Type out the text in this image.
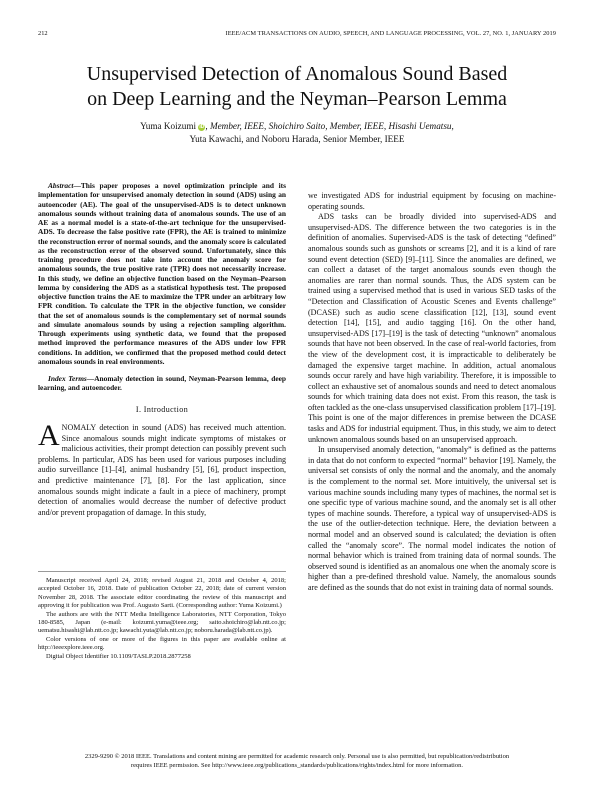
212	IEEE/ACM TRANSACTIONS ON AUDIO, SPEECH, AND LANGUAGE PROCESSING, VOL. 27, NO. 1, JANUARY 2019
Unsupervised Detection of Anomalous Sound Based
on Deep Learning and the Neyman–Pearson Lemma
Yuma Koizumi iD, Member, IEEE, Shoichiro Saito, Member, IEEE, Hisashi Uematsu,
Yuta Kawachi, and Noboru Harada, Senior Member, IEEE

Abstract—This paper proposes a novel optimization principle and its implementation for unsupervised anomaly detection in sound (ADS) using an autoencoder (AE). The goal of the unsupervised-ADS is to detect unknown anomalous sounds without training data of anomalous sounds. The use of an AE as a normal model is a state-of-the-art technique for the unsupervised-ADS. To decrease the false positive rate (FPR), the AE is trained to minimize the reconstruction error of normal sounds, and the anomaly score is calculated as the reconstruction error of the observed sound. Unfortunately, since this training procedure does not take into account the anomaly score for anomalous sounds, the true positive rate (TPR) does not necessarily increase. In this study, we define an objective function based on the Neyman–Pearson lemma by considering the ADS as a statistical hypothesis test. The proposed objective function trains the AE to maximize the TPR under an arbitrary low FPR condition. To calculate the TPR in the objective function, we consider that the set of anomalous sounds is the complementary set of normal sounds and simulate anomalous sounds by using a rejection sampling algorithm. Through experiments using synthetic data, we found that the proposed method improved the performance measures of the ADS under low FPR conditions. In addition, we confirmed that the proposed method could detect anomalous sounds in real environments.

Index Terms—Anomaly detection in sound, Neyman-Pearson lemma, deep learning, and autoencoder.

I. Introduction

ANOMALY detection in sound (ADS) has received much attention. Since anomalous sounds might indicate symptoms of mistakes or malicious activities, their prompt detection can possibly prevent such problems. In particular, ADS has been used for various purposes including audio surveillance [1]–[4], animal husbandry [5], [6], product inspection, and predictive maintenance [7], [8]. For the last application, since anomalous sounds might indicate a fault in a piece of machinery, prompt detection of anomalies would decrease the number of defective product and/or prevent propagation of damage. In this study,

Manuscript received April 24, 2018; revised August 21, 2018 and October 4, 2018; accepted October 16, 2018. Date of publication October 22, 2018; date of current version November 28, 2018. The associate editor coordinating the review of this manuscript and approving it for publication was Prof. Augusto Sarti. (Corresponding author: Yuma Koizumi.)

The authors are with the NTT Media Intelligence Laboratories, NTT Corporation, Tokyo 180-8585, Japan (e-mail: koizumi.yuma@ieee.org; saito.shoichiro@lab.ntt.co.jp; uematsu.hisashi@lab.ntt.co.jp; kawachi.yuta@lab.ntt.co.jp; noboru.harada@lab.ntt.co.jp).

Color versions of one or more of the figures in this paper are available online at http://ieeexplore.ieee.org.

Digital Object Identifier 10.1109/TASLP.2018.2877258

we investigated ADS for industrial equipment by focusing on machine-operating sounds.

ADS tasks can be broadly divided into supervised-ADS and unsupervised-ADS. The difference between the two categories is in the definition of anomalies. Supervised-ADS is the task of detecting “defined” anomalous sounds such as gunshots or screams [2], and it is a kind of rare sound event detection (SED) [9]–[11]. Since the anomalies are defined, we can collect a dataset of the target anomalous sounds even though the anomalies are rarer than normal sounds. Thus, the ADS system can be trained using a supervised method that is used in various SED tasks of the “Detection and Classification of Acoustic Scenes and Events challenge” (DCASE) such as audio scene classification [12], [13], sound event detection [14], [15], and audio tagging [16]. On the other hand, unsupervised-ADS [17]–[19] is the task of detecting “unknown” anomalous sounds that have not been observed. In the case of real-world factories, from the view of the development cost, it is impracticable to deliberately be damaged the expensive target machine. In addition, actual anomalous sounds occur rarely and have high variability. Therefore, it is impossible to collect an exhaustive set of anomalous sounds and need to detect anomalous sounds for which training data does not exist. From this reason, the task is often tackled as the one-class unsupervised classification problem [17]–[19]. This point is one of the major differences in premise between the DCASE tasks and ADS for industrial equipment. Thus, in this study, we aim to detect unknown anomalous sounds based on an unsupervised approach.

In unsupervised anomaly detection, “anomaly” is defined as the patterns in data that do not conform to expected “normal” behavior [19]. Namely, the universal set consists of only the normal and the anomaly, and the anomaly is the complement to the normal set. More intuitively, the universal set is various machine sounds including many types of machines, the normal set is one specific type of various machine sound, and the anomaly set is all other types of machine sounds. Therefore, a typical way of unsupervised-ADS is the use of the outlier-detection technique. Here, the deviation between a normal model and an observed sound is calculated; the deviation is often called the “anomaly score”. The normal model indicates the notion of normal behavior which is trained from training data of normal sounds. The observed sound is identified as an anomalous one when the anomaly score is higher than a pre-defined threshold value. Namely, the anomalous sounds are defined as the sounds that do not exist in training data of normal sounds.

2329-9290 © 2018 IEEE. Translations and content mining are permitted for academic research only. Personal use is also permitted, but republication/redistribution
requires IEEE permission. See http://www.ieee.org/publications_standards/publications/rights/index.html for more information.
